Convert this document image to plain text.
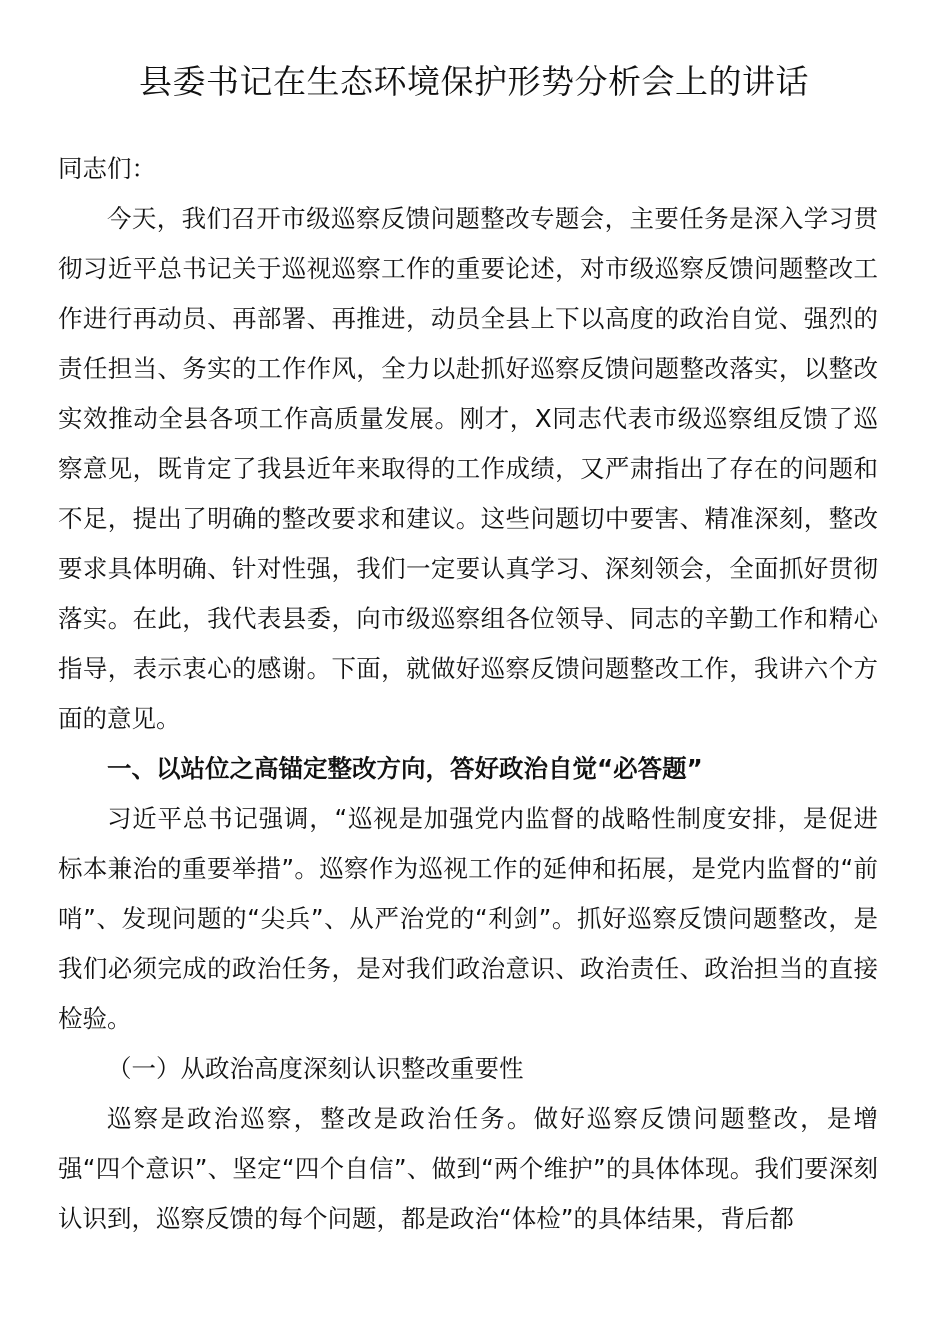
县委书记在生态环境保护形势分析会上的讲话

同志们：

今天，我们召开市级巡察反馈问题整改专题会，主要任务是深入学习贯彻习近平总书记关于巡视巡察工作的重要论述，对市级巡察反馈问题整改工作进行再动员、再部署、再推进，动员全县上下以高度的政治自觉、强烈的责任担当、务实的工作作风，全力以赴抓好巡察反馈问题整改落实，以整改实效推动全县各项工作高质量发展。刚才，X同志代表市级巡察组反馈了巡察意见，既肯定了我县近年来取得的工作成绩，又严肃指出了存在的问题和不足，提出了明确的整改要求和建议。这些问题切中要害、精准深刻，整改要求具体明确、针对性强，我们一定要认真学习、深刻领会，全面抓好贯彻落实。在此，我代表县委，向市级巡察组各位领导、同志的辛勤工作和精心指导，表示衷心的感谢。下面，就做好巡察反馈问题整改工作，我讲六个方面的意见。

一、以站位之高锚定整改方向，答好政治自觉“必答题”

习近平总书记强调，“巡视是加强党内监督的战略性制度安排，是促进标本兼治的重要举措”。巡察作为巡视工作的延伸和拓展，是党内监督的“前哨”、发现问题的“尖兵”、从严治党的“利剑”。抓好巡察反馈问题整改，是我们必须完成的政治任务，是对我们政治意识、政治责任、政治担当的直接检验。

（一）从政治高度深刻认识整改重要性

巡察是政治巡察，整改是政治任务。做好巡察反馈问题整改，是增强“四个意识”、坚定“四个自信”、做到“两个维护”的具体体现。我们要深刻认识到，巡察反馈的每个问题，都是政治“体检”的具体结果，背后都
